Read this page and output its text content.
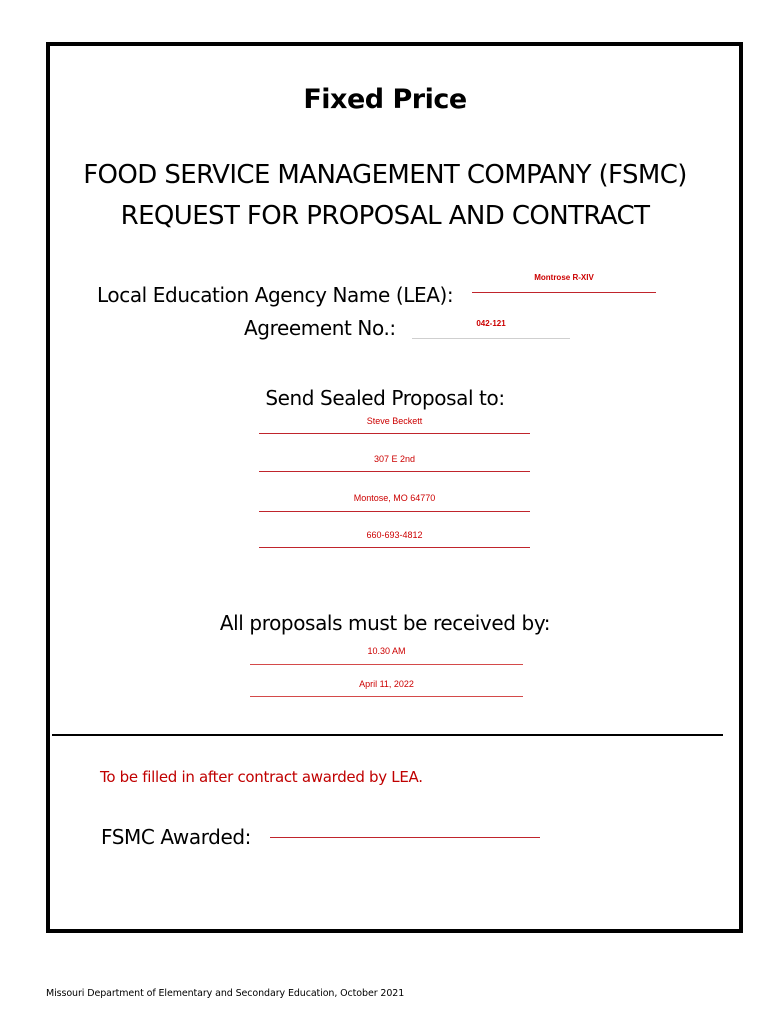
Fixed Price
FOOD SERVICE MANAGEMENT COMPANY (FSMC)
REQUEST FOR PROPOSAL AND CONTRACT
Local Education Agency Name (LEA):
Montrose R-XIV
Agreement No.:	042-121
Send Sealed Proposal to:
Steve Beckett
307 E 2nd
Montose, MO 64770
660-693-4812
All proposals must be received by:
10.30 AM
April 11, 2022
To be filled in after contract awarded by LEA.
FSMC Awarded:
Missouri Department of Elementary and Secondary Education, October 2021
